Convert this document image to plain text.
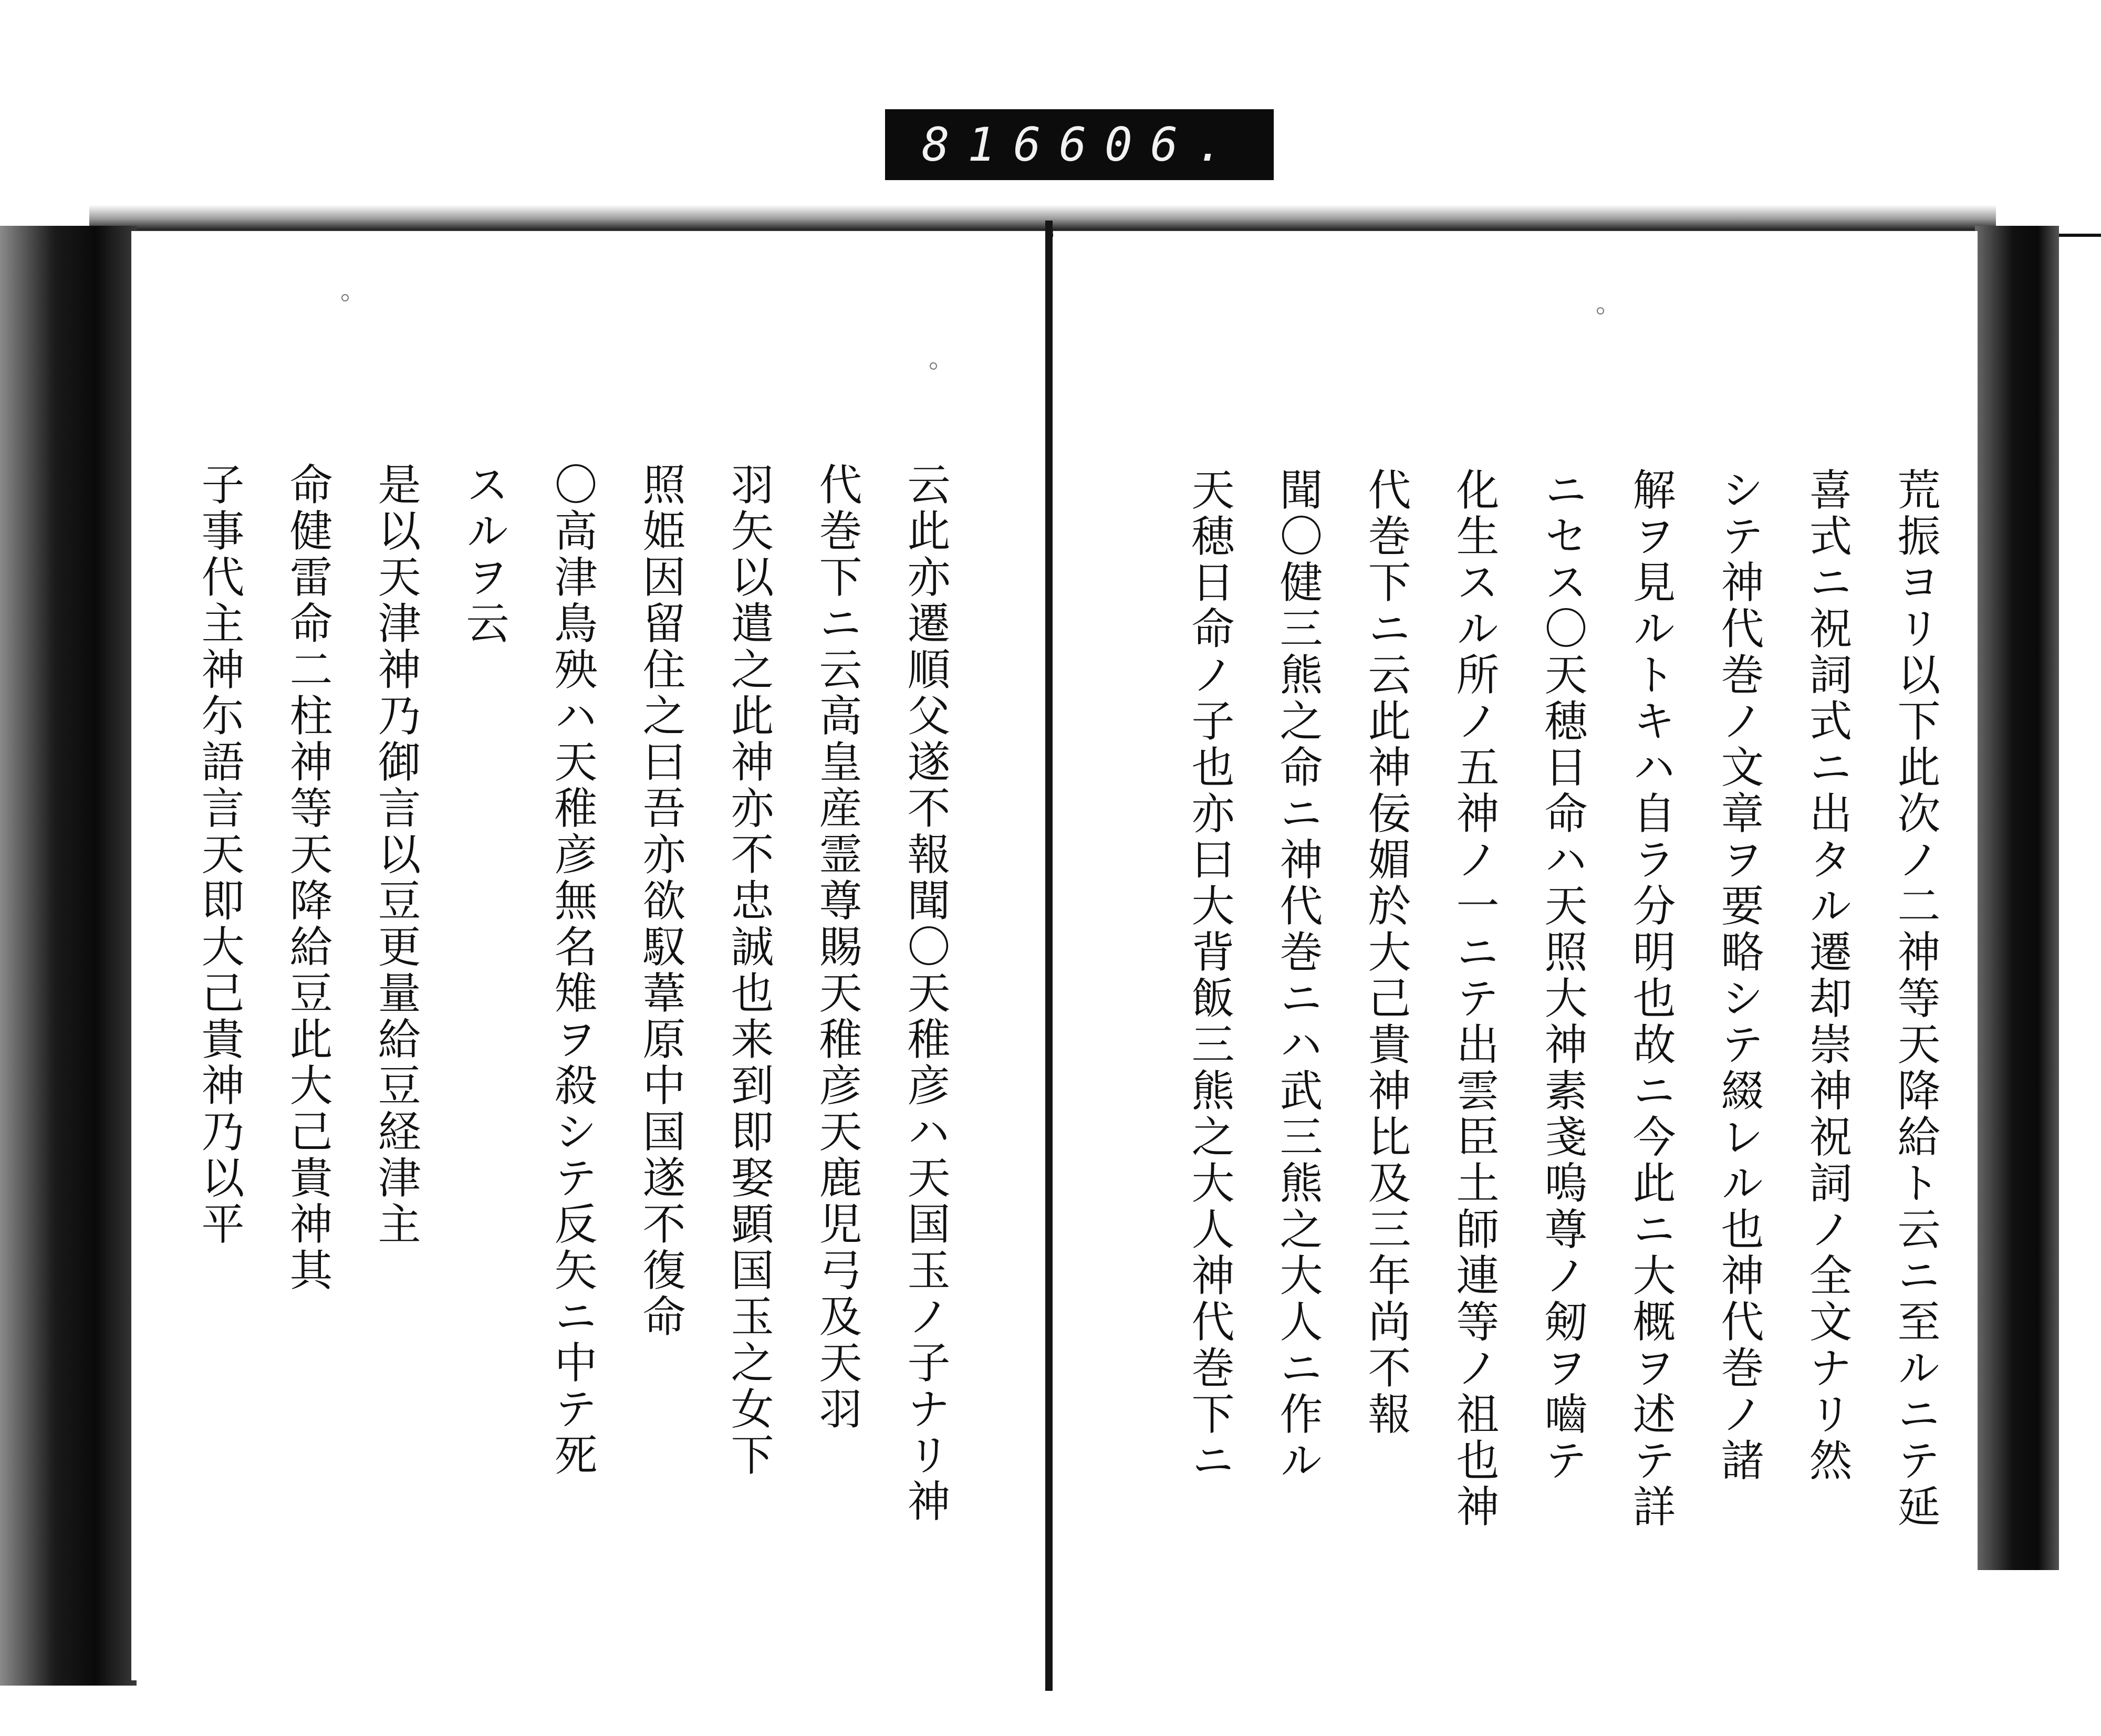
816 606.
荒振ヨリ以下此次ノ二神等天降給ト云ニ至ルニテ延
喜式ニ祝詞式ニ出タル遷却崇神祝詞ノ全文ナリ然
シテ神代巻ノ文章ヲ要略シテ綴レル也神代巻ノ諸
解ヲ見ルトキハ自ラ分明也故ニ今此ニ大概ヲ述テ詳
ニセス〇天穂日命ハ天照大神素戔嗚尊ノ剱ヲ嚙テ
化生スル所ノ五神ノ一ニテ出雲臣土師連等ノ祖也神
代巻下ニ云此神佞媚於大己貴神比及三年尚不報
聞〇健三熊之命ニ神代巻ニハ武三熊之大人ニ作ル
天穂日命ノ子也亦曰大背飯三熊之大人神代巻下ニ
云此亦遷順父遂不報聞〇天稚彦ハ天国玉ノ子ナリ神
代巻下ニ云高皇産霊尊賜天稚彦天鹿児弓及天羽
羽矢以遣之此神亦不忠誠也来到即娶顕国玉之女下
照姫因留住之曰吾亦欲馭葦原中国遂不復命
〇高津鳥殃ハ天稚彦無名雉ヲ殺シテ反矢ニ中テ死
スルヲ云
是以天津神乃御言以豆更量給豆経津主
命健雷命二柱神等天降給豆此大己貴神其
子事代主神尓語言天即大己貴神乃以平
